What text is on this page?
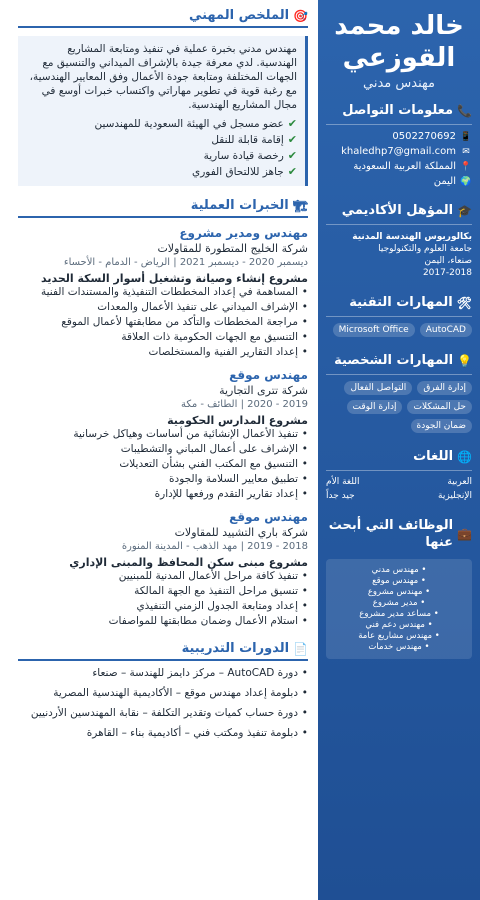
خالد محمد القوزعي
مهندس مدني
📞
معلومات التواصل
📱
0502270692
✉
khaledhp7@gmail.com
📍
المملكة العربية السعودية
🌍
اليمن
🎓
المؤهل الأكاديمي
بكالوريوس الهندسة المدنية
جامعة العلوم والتكنولوجيا
صنعاء، اليمن
2017-2018
🛠
المهارات التقنية
AutoCAD
Microsoft Office
💡
المهارات الشخصية
إدارة الفرق
التواصل الفعال
حل المشكلات
إدارة الوقت
ضمان الجودة
🌐
اللغات
العربية
اللغة الأم
الإنجليزية
جيد جداً
💼
الوظائف التي أبحث عنها
• مهندس مدني
• مهندس موقع
• مهندس مشروع
• مدير مشروع
• مساعد مدير مشروع
• مهندس دعم فني
• مهندس مشاريع عامة
• مهندس خدمات
🎯
الملخص المهني

مهندس مدني بخبرة عملية في تنفيذ ومتابعة المشاريع الهندسية. لدي معرفة جيدة بالإشراف الميداني والتنسيق مع الجهات المختلفة ومتابعة جودة الأعمال وفق المعايير الهندسية، مع رغبة قوية في تطوير مهاراتي واكتساب خبرات أوسع في مجال المشاريع الهندسية.

✔
عضو مسجل في الهيئة السعودية للمهندسين
✔
إقامة قابلة للنقل
✔
رخصة قيادة سارية
✔
جاهز للالتحاق الفوري
🏗
الخبرات العملية
مهندس ومدير مشروع
شركة الخليج المتطورة للمقاولات
ديسمبر 2020 - ديسمبر 2021 | الرياض - الدمام - الأحساء
مشروع إنشاء وصيانة وتشغيل أسوار السكة الحديد
• المساهمة في إعداد المخططات التنفيذية والمستندات الفنية
• الإشراف الميداني على تنفيذ الأعمال والمعدات
• مراجعة المخططات والتأكد من مطابقتها لأعمال الموقع
• التنسيق مع الجهات الحكومية ذات العلاقة
• إعداد التقارير الفنية والمستخلصات
مهندس موقع
شركة تترى التجارية
2019 - 2020 | الطائف - مكة
مشروع المدارس الحكومية
• تنفيذ الأعمال الإنشائية من أساسات وهياكل خرسانية
• الإشراف على أعمال المباني والتشطيبات
• التنسيق مع المكتب الفني بشأن التعديلات
• تطبيق معايير السلامة والجودة
• إعداد تقارير التقدم ورفعها للإدارة
مهندس موقع
شركة باري التشييد للمقاولات
2018 - 2019 | مهد الذهب - المدينة المنورة
مشروع مبنى سكن المحافظ والمبنى الإداري
• تنفيذ كافة مراحل الأعمال المدنية للمبنيين
• تنسيق مراحل التنفيذ مع الجهة المالكة
• إعداد ومتابعة الجدول الزمني التنفيذي
• استلام الأعمال وضمان مطابقتها للمواصفات
📄
الدورات التدريبية
• دورة AutoCAD – مركز دايمز للهندسة – صنعاء
• دبلومة إعداد مهندس موقع – الأكاديمية الهندسية المصرية
• دورة حساب كميات وتقدير التكلفة – نقابة المهندسين الأردنيين
• دبلومة تنفيذ ومكتب فني – أكاديمية بناء – القاهرة
